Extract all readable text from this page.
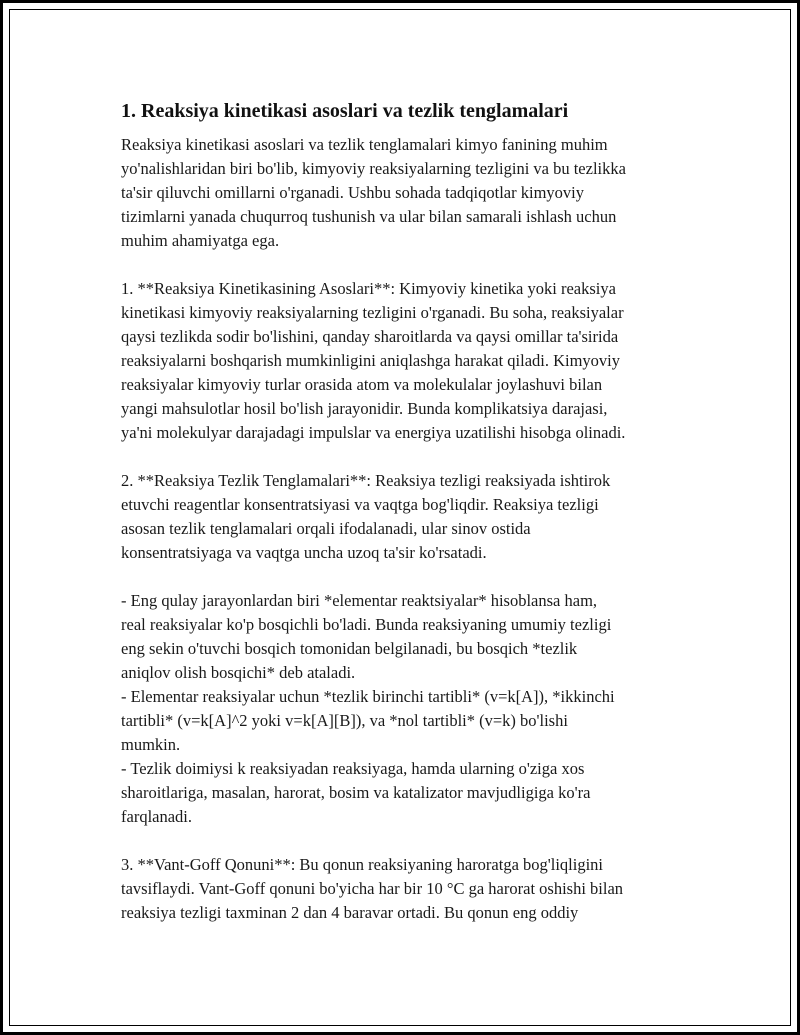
1. Reaksiya kinetikasi asoslari va tezlik tenglamalari

Reaksiya kinetikasi asoslari va tezlik tenglamalari kimyo fanining muhim
yo'nalishlaridan biri bo'lib, kimyoviy reaksiyalarning tezligini va bu tezlikka
ta'sir qiluvchi omillarni o'rganadi. Ushbu sohada tadqiqotlar kimyoviy
tizimlarni yanada chuqurroq tushunish va ular bilan samarali ishlash uchun
muhim ahamiyatga ega.

1. **Reaksiya Kinetikasining Asoslari**: Kimyoviy kinetika yoki reaksiya
kinetikasi kimyoviy reaksiyalarning tezligini o'rganadi. Bu soha, reaksiyalar
qaysi tezlikda sodir bo'lishini, qanday sharoitlarda va qaysi omillar ta'sirida
reaksiyalarni boshqarish mumkinligini aniqlashga harakat qiladi. Kimyoviy
reaksiyalar kimyoviy turlar orasida atom va molekulalar joylashuvi bilan
yangi mahsulotlar hosil bo'lish jarayonidir. Bunda komplikatsiya darajasi,
ya'ni molekulyar darajadagi impulslar va energiya uzatilishi hisobga olinadi.

2. **Reaksiya Tezlik Tenglamalari**: Reaksiya tezligi reaksiyada ishtirok
etuvchi reagentlar konsentratsiyasi va vaqtga bog'liqdir. Reaksiya tezligi
asosan tezlik tenglamalari orqali ifodalanadi, ular sinov ostida
konsentratsiyaga va vaqtga uncha uzoq ta'sir ko'rsatadi.

- Eng qulay jarayonlardan biri *elementar reaktsiyalar* hisoblansa ham,
real reaksiyalar ko'p bosqichli bo'ladi. Bunda reaksiyaning umumiy tezligi
eng sekin o'tuvchi bosqich tomonidan belgilanadi, bu bosqich *tezlik
aniqlov olish bosqichi* deb ataladi.
- Elementar reaksiyalar uchun *tezlik birinchi tartibli* (v=k[A]), *ikkinchi
tartibli* (v=k[A]^2 yoki v=k[A][B]), va *nol tartibli* (v=k) bo'lishi
mumkin.
- Tezlik doimiysi k reaksiyadan reaksiyaga, hamda ularning o'ziga xos
sharoitlariga, masalan, harorat, bosim va katalizator mavjudligiga ko'ra
farqlanadi.

3. **Vant-Goff Qonuni**: Bu qonun reaksiyaning haroratga bog'liqligini
tavsiflaydi. Vant-Goff qonuni bo'yicha har bir 10 °C ga harorat oshishi bilan
reaksiya tezligi taxminan 2 dan 4 baravar ortadi. Bu qonun eng oddiy
